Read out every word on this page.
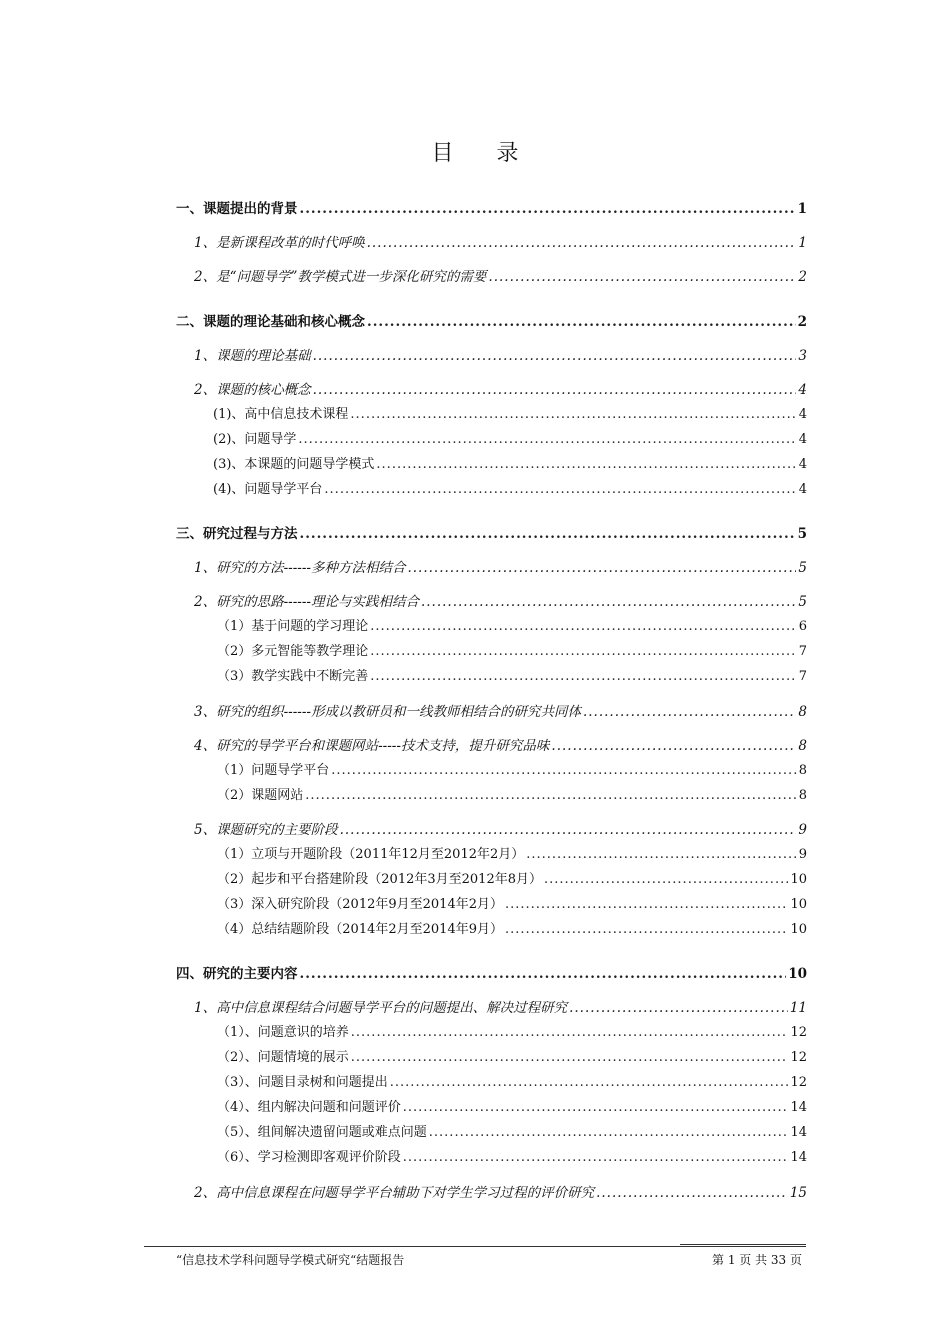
目 录
一、课题提出的背景 .....	1
1、是新课程改革的时代呼唤 .....	1
2、是“问题导学”教学模式进一步深化研究的需要 .....	2
二、课题的理论基础和核心概念 .....	2
1、课题的理论基础 .....	3
2、课题的核心概念 .....	4
(1)、高中信息技术课程 .....	4
(2)、问题导学 .....	4
(3)、本课题的问题导学模式 .....	4
(4)、问题导学平台 .....	4
三、研究过程与方法 .....	5
1、研究的方法------多种方法相结合 .....	5
2、研究的思路------理论与实践相结合 .....	5
（1）基于问题的学习理论 .....	6
（2）多元智能等教学理论 .....	7
（3）教学实践中不断完善 .....	7
3、研究的组织------形成以教研员和一线教师相结合的研究共同体 .....	8
4、研究的导学平台和课题网站-----技术支持，提升研究品味 .....	8
（1）问题导学平台 .....	8
（2）课题网站 .....	8
5、课题研究的主要阶段 .....	9
（1）立项与开题阶段（2011年12月至2012年2月） .....	9
（2）起步和平台搭建阶段（2012年3月至2012年8月） .....	10
（3）深入研究阶段（2012年9月至2014年2月） .....	10
（4）总结结题阶段（2014年2月至2014年9月） .....	10
四、研究的主要内容 .....	10
1、高中信息课程结合问题导学平台的问题提出、解决过程研究 .....	11
（1）、问题意识的培养 .....	12
（2）、问题情境的展示 .....	12
（3）、问题目录树和问题提出 .....	12
（4）、组内解决问题和问题评价 .....	14
（5）、组间解决遗留问题或难点问题 .....	14
（6）、学习检测即客观评价阶段 .....	14
2、高中信息课程在问题导学平台辅助下对学生学习过程的评价研究 .....	15
“信息技术学科问题导学模式研究“结题报告	第 1 页 共 33 页
